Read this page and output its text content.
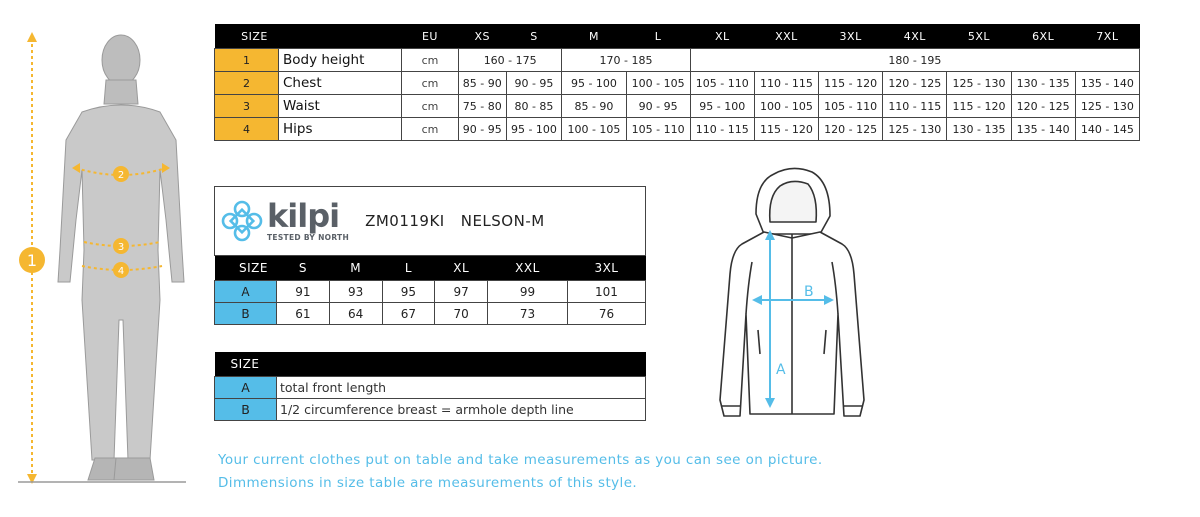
1
2
3
4
SIZE		EU	XS	S	M	L	XL	XXL	3XL	4XL	5XL	6XL	7XL
1	Body height	cm	160 - 175		170 - 185		180 - 195						
2	Chest	cm	85 - 90	90 - 95	95 - 100	100 - 105	105 - 110	110 - 115	115 - 120	120 - 125	125 - 130	130 - 135	135 - 140
3	Waist	cm	75 - 80	80 - 85	85 - 90	90 - 95	95 - 100	100 - 105	105 - 110	110 - 115	115 - 120	120 - 125	125 - 130
4	Hips	cm	90 - 95	95 - 100	100 - 105	105 - 110	110 - 115	115 - 120	120 - 125	125 - 130	130 - 135	135 - 140	140 - 145
kilpi
TESTED BY NORTH
ZM0119KI NELSON-M						

SIZE	S	M	L	XL	XXL	3XL
A	91	93	95	97	99	101
B	61	64	67	70	73	76
SIZE	
A	total front length
B	1/2 circumference breast = armhole depth line
A
B
Your current clothes put on table and take measurements as you can see on picture.
Dimmensions in size table are measurements of this style.
